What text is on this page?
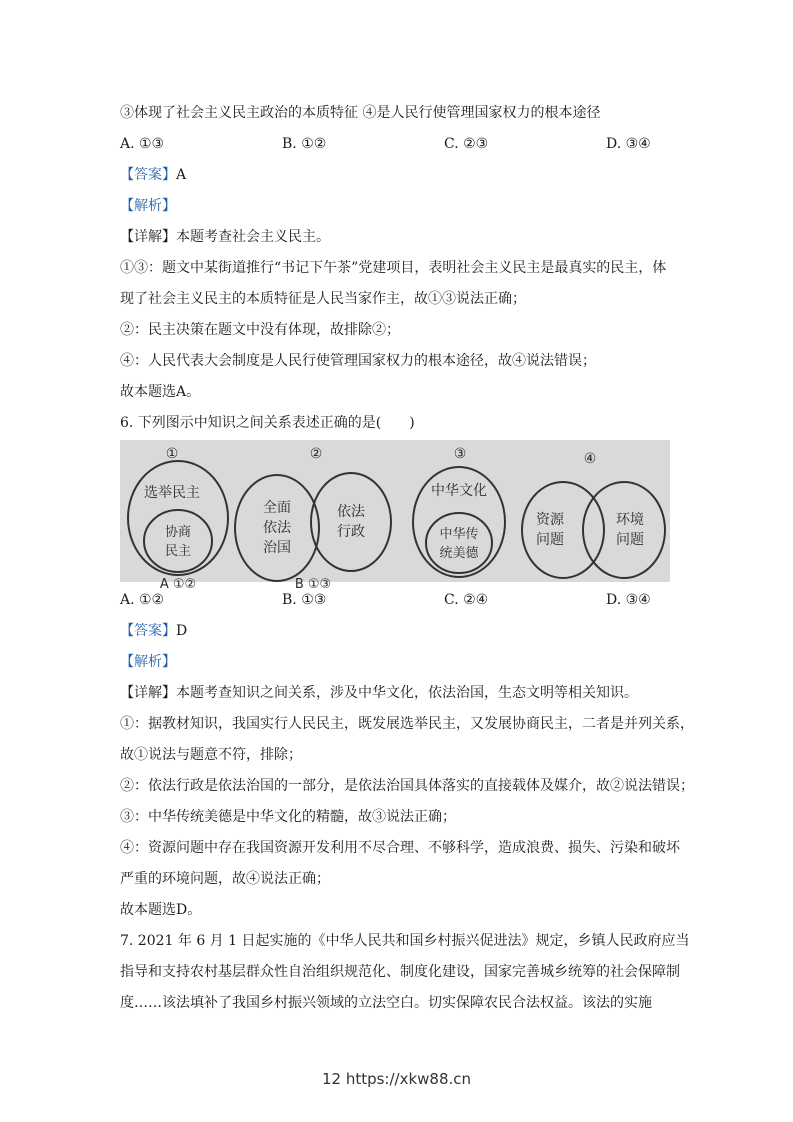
③体现了社会主义民主政治的本质特征 ④是人民行使管理国家权力的根本途径
A. ①③	B. ①②	C. ②③	D. ③④
【答案】A
【解析】
【详解】本题考查社会主义民主。
①③：题文中某街道推行“书记下午茶”党建项目，表明社会主义民主是最真实的民主，体
现了社会主义民主的本质特征是人民当家作主，故①③说法正确；
②：民主决策在题文中没有体现，故排除②；
④：人民代表大会制度是人民行使管理国家权力的根本途径，故④说法错误；
故本题选A。
6. 下列图示中知识之间关系表述正确的是(　　)
①
选举民主
协商
民主
A ①②
②
全面
依法
治国
依法
行政
B ①③
③
中华文化
中华传
统美德
④
资源
问题
环境
问题
A. ①②	B. ①③	C. ②④	D. ③④
【答案】D
【解析】
【详解】本题考查知识之间关系，涉及中华文化，依法治国，生态文明等相关知识。
①：据教材知识，我国实行人民民主，既发展选举民主，又发展协商民主，二者是并列关系，
故①说法与题意不符，排除；
②：依法行政是依法治国的一部分，是依法治国具体落实的直接载体及媒介，故②说法错误；
③：中华传统美德是中华文化的精髓，故③说法正确；
④：资源问题中存在我国资源开发利用不尽合理、不够科学，造成浪费、损失、污染和破坏
严重的环境问题，故④说法正确；
故本题选D。
7. 2021 年 6 月 1 日起实施的《中华人民共和国乡村振兴促进法》规定，乡镇人民政府应当
指导和支持农村基层群众性自治组织规范化、制度化建设，国家完善城乡统筹的社会保障制
度……该法填补了我国乡村振兴领域的立法空白。切实保障农民合法权益。该法的实施
12 https://xkw88.cn
